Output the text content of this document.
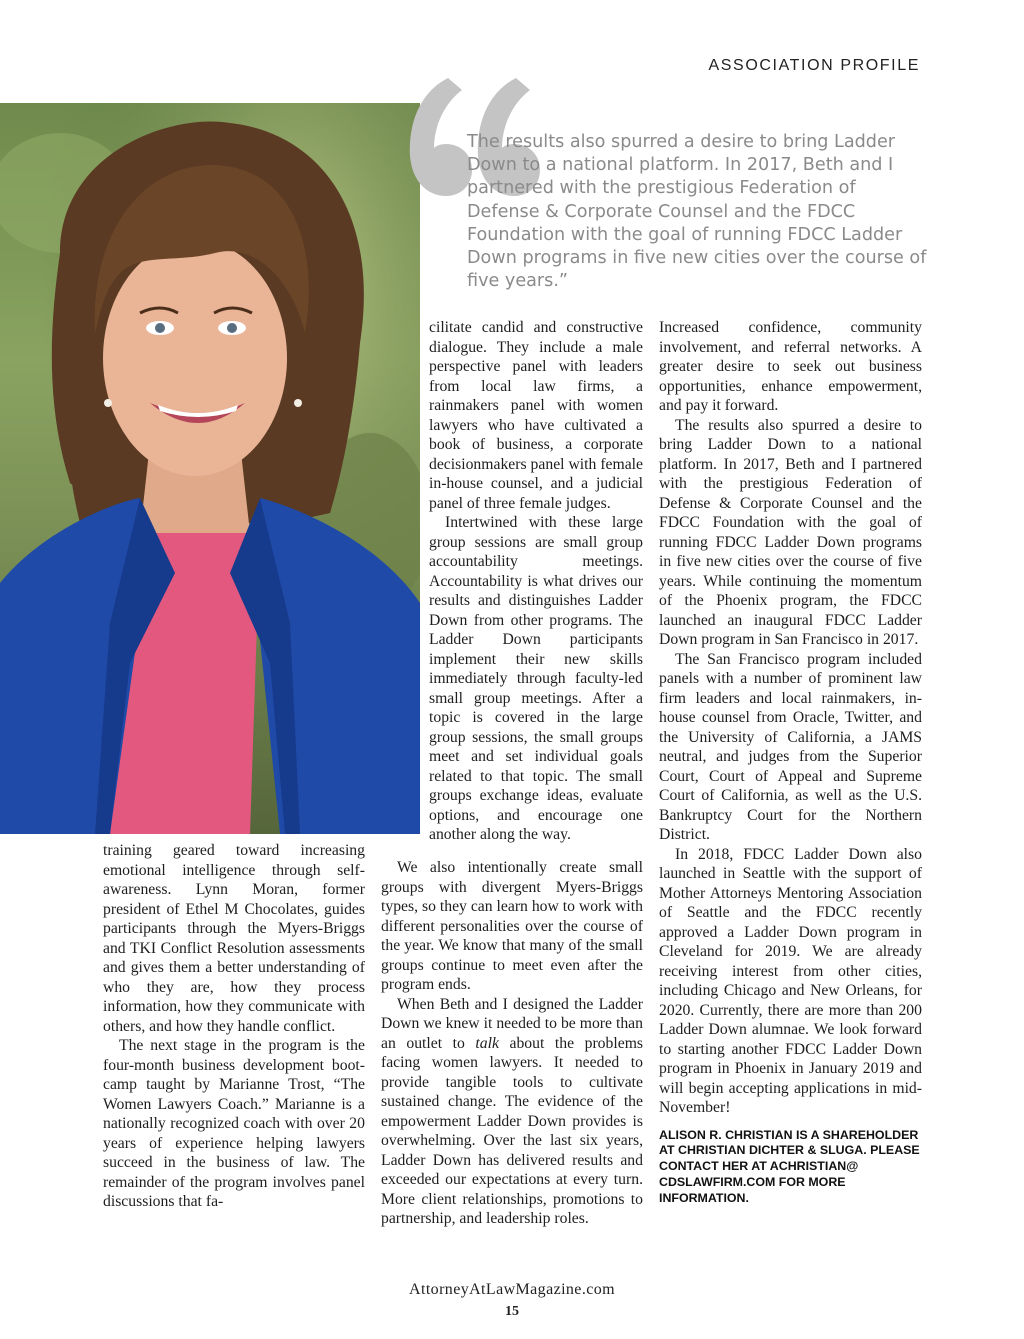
ASSOCIATION PROFILE

The results also spurred a desire to bring Ladder Down to a national platform. In 2017, Beth and I partnered with the prestigious Federation of Defense & Corporate Counsel and the FDCC Foundation with the goal of running FDCC Ladder Down programs in five new cities over the course of five years.”

training geared toward increasing emotional intelligence through self-awareness. Lynn Moran, former president of Ethel M Chocolates, guides participants through the Myers-Briggs and TKI Conflict Resolution assessments and gives them a better understanding of who they are, how they process information, how they communicate with others, and how they handle conflict.

The next stage in the program is the four-month business development boot-camp taught by Marianne Trost, “The Women Lawyers Coach.” Marianne is a nationally recognized coach with over 20 years of experience helping lawyers succeed in the business of law. The remainder of the program involves panel discussions that fa-

cilitate candid and constructive dialogue. They include a male perspective panel with leaders from local law firms, a rainmakers panel with women lawyers who have cultivated a book of business, a corporate decisionmakers panel with female in-house counsel, and a judicial panel of three female judges.

Intertwined with these large group sessions are small group accountability meetings. Accountability is what drives our results and distinguishes Ladder Down from other programs. The Ladder Down participants implement their new skills immediately through faculty-led small group meetings. After a topic is covered in the large group sessions, the small groups meet and set individual goals related to that topic. The small groups exchange ideas, evaluate options, and encourage one another along the way.

We also intentionally create small groups with divergent Myers-Briggs types, so they can learn how to work with different personalities over the course of the year. We know that many of the small groups continue to meet even after the program ends.

When Beth and I designed the Ladder Down we knew it needed to be more than an outlet to talk about the problems facing women lawyers. It needed to provide tangible tools to cultivate sustained change. The evidence of the empowerment Ladder Down provides is overwhelming. Over the last six years, Ladder Down has delivered results and exceeded our expectations at every turn. More client relationships, promotions to partnership, and leadership roles.

Increased confidence, community involvement, and referral networks. A greater desire to seek out business opportunities, enhance empowerment, and pay it forward.

The results also spurred a desire to bring Ladder Down to a national platform. In 2017, Beth and I partnered with the prestigious Federation of Defense & Corporate Counsel and the FDCC Foundation with the goal of running FDCC Ladder Down programs in five new cities over the course of five years. While continuing the momentum of the Phoenix program, the FDCC launched an inaugural FDCC Ladder Down program in San Francisco in 2017.

The San Francisco program included panels with a number of prominent law firm leaders and local rainmakers, in-house counsel from Oracle, Twitter, and the University of California, a JAMS neutral, and judges from the Superior Court, Court of Appeal and Supreme Court of California, as well as the U.S. Bankruptcy Court for the Northern District.

In 2018, FDCC Ladder Down also launched in Seattle with the support of Mother Attorneys Mentoring Association of Seattle and the FDCC recently approved a Ladder Down program in Cleveland for 2019. We are already receiving interest from other cities, including Chicago and New Orleans, for 2020. Currently, there are more than 200 Ladder Down alumnae. We look forward to starting another FDCC Ladder Down program in Phoenix in January 2019 and will begin accepting applications in mid-November!

ALISON R. CHRISTIAN IS A SHAREHOLDER AT CHRISTIAN DICHTER & SLUGA. PLEASE CONTACT HER AT ACHRISTIAN@ CDSLAWFIRM.COM FOR MORE INFORMATION.

AttorneyAtLawMagazine.com
15
